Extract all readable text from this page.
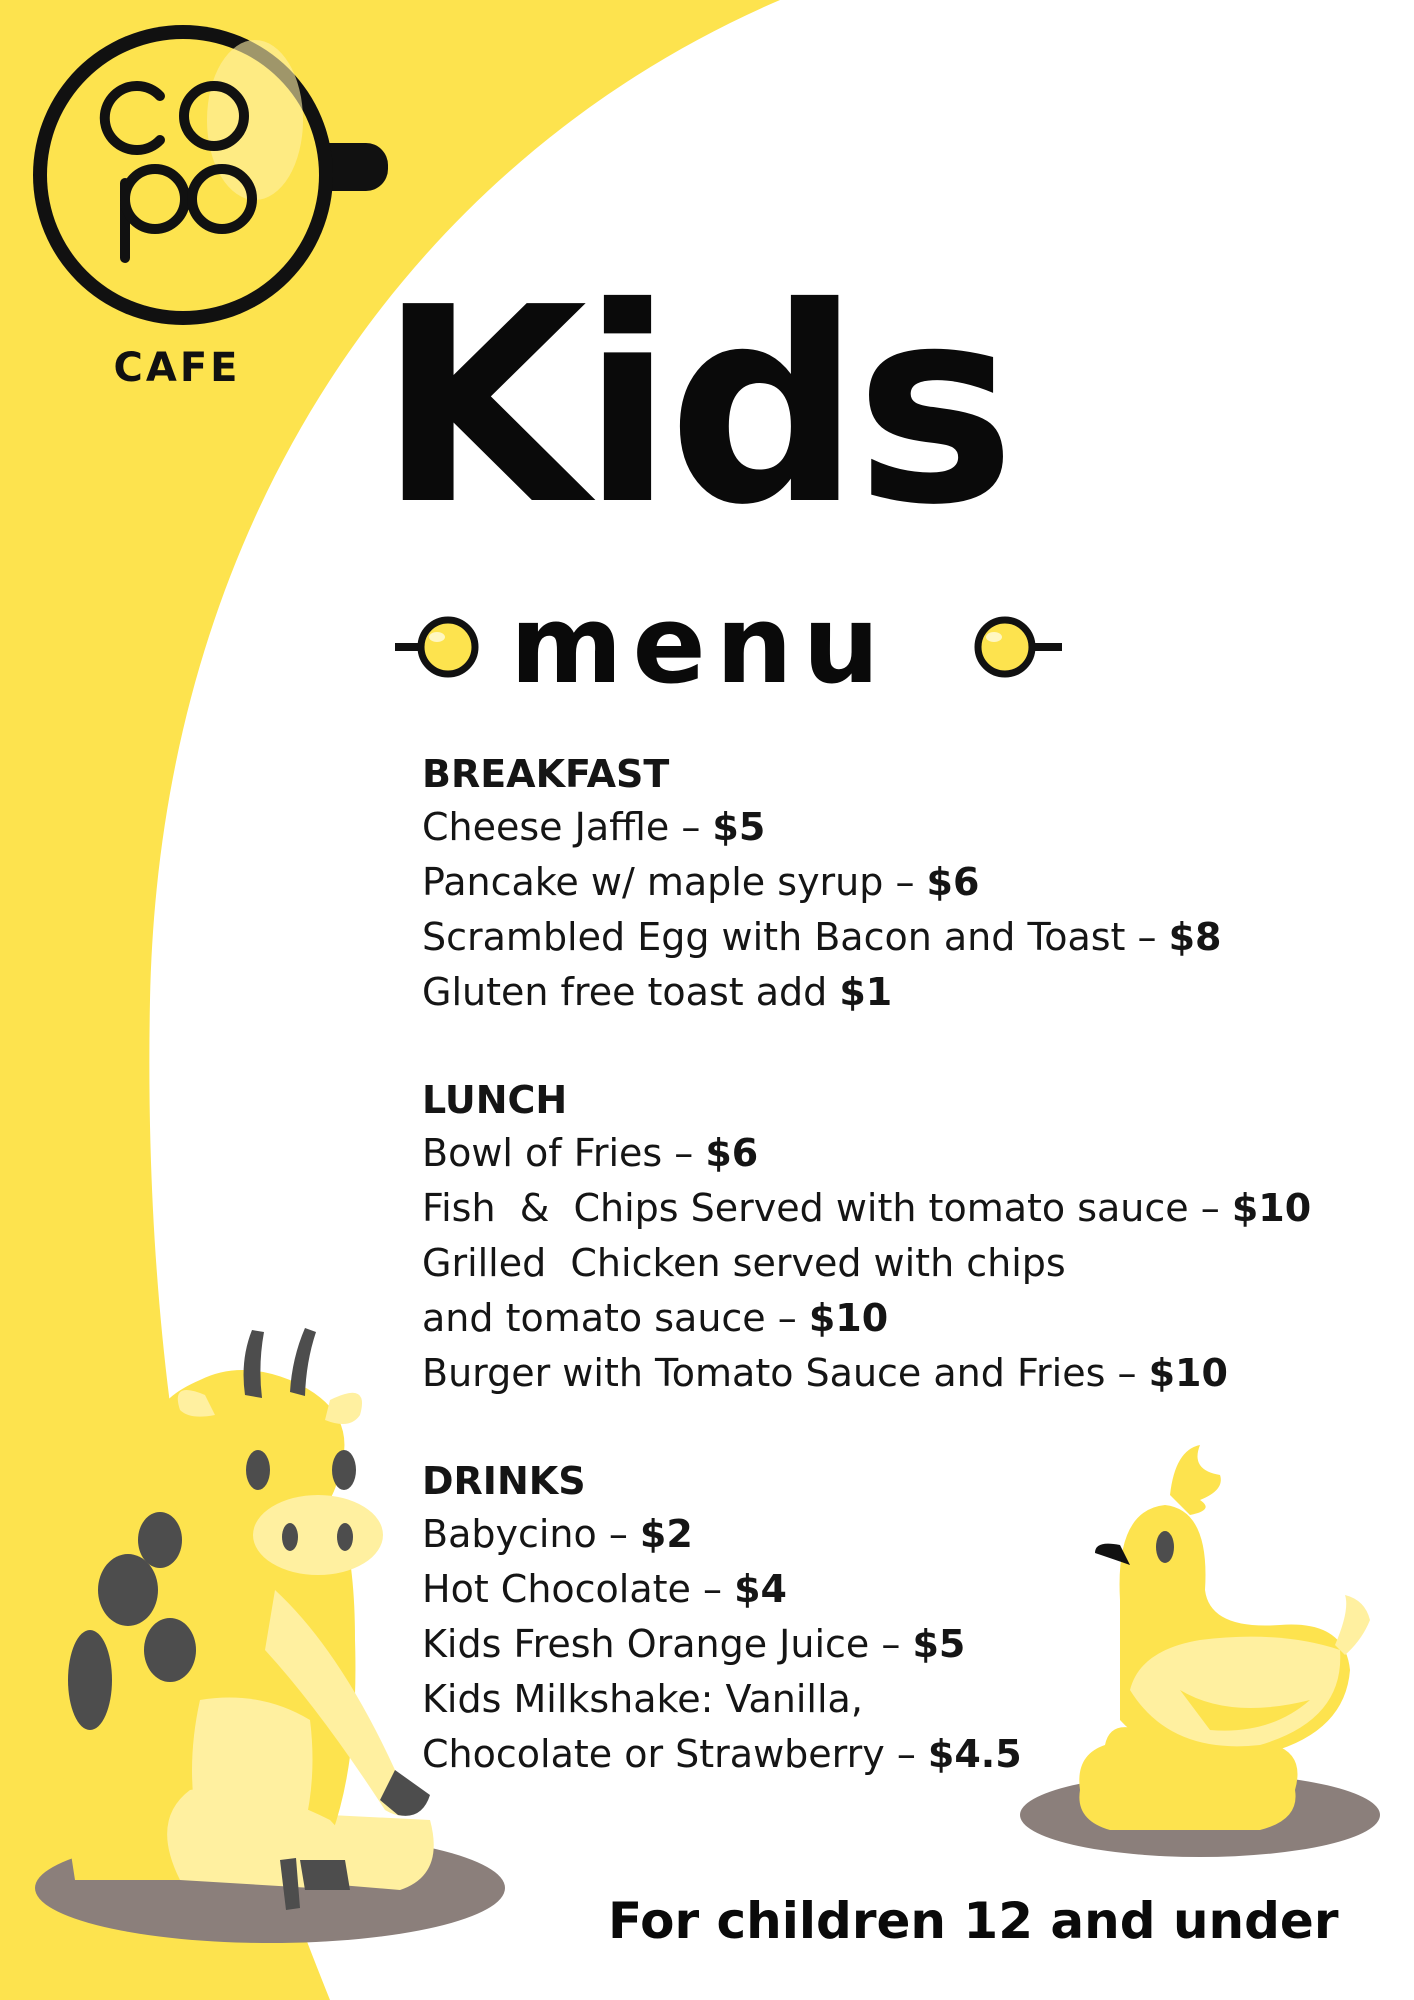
CAFE Kids
menu
BREAKFAST
Cheese Jaffle – $5
Pancake w/ maple syrup – $6
Scrambled Egg with Bacon and Toast – $8
Gluten free toast add $1
LUNCH
Bowl of Fries – $6
Fish  &  Chips Served with tomato sauce – $10
Grilled  Chicken served with chips
and tomato sauce – $10
Burger with Tomato Sauce and Fries – $10
DRINKS
Babycino – $2
Hot Chocolate – $4
Kids Fresh Orange Juice – $5
Kids Milkshake: Vanilla,
Chocolate or Strawberry – $4.5
For children 12 and under
